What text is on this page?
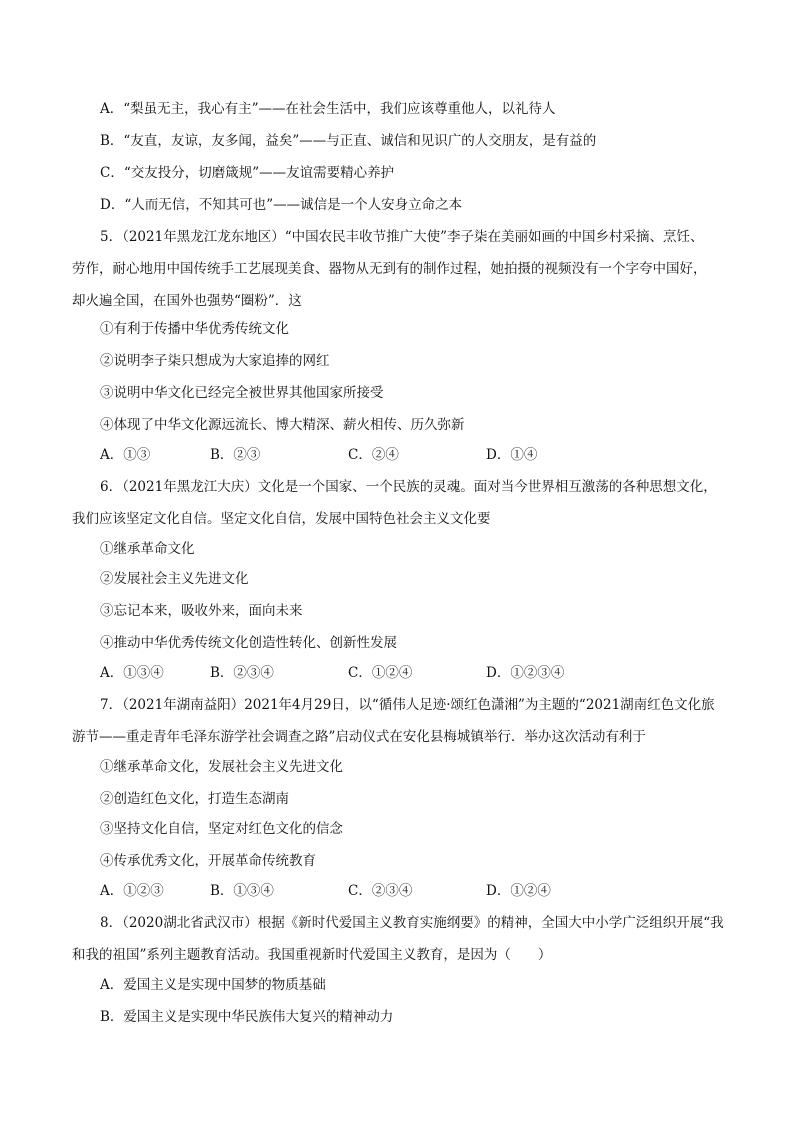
A．“梨虽无主，我心有主”——在社会生活中，我们应该尊重他人，以礼待人
B．“友直，友谅，友多闻，益矣”——与正直、诚信和见识广的人交朋友，是有益的
C．“交友投分，切磨箴规”——友谊需要精心养护
D．“人而无信，不知其可也”——诚信是一个人安身立命之本
5．（2021年黑龙江龙东地区）“中国农民丰收节推广大使”李子柒在美丽如画的中国乡村采摘、烹饪、
劳作，耐心地用中国传统手工艺展现美食、器物从无到有的制作过程，她拍摄的视频没有一个字夸中国好，
却火遍全国，在国外也强势“圈粉”．这
①有利于传播中华优秀传统文化
②说明李子柒只想成为大家追捧的网红
③说明中华文化已经完全被世界其他国家所接受
④体现了中华文化源远流长、博大精深、薪火相传、历久弥新
A．①③	B．②③	C．②④	D．①④
6．（2021年黑龙江大庆）文化是一个国家、一个民族的灵魂。面对当今世界相互激荡的各种思想文化，
我们应该坚定文化自信。坚定文化自信，发展中国特色社会主义文化要
①继承革命文化
②发展社会主义先进文化
③忘记本来，吸收外来，面向未来
④推动中华优秀传统文化创造性转化、创新性发展
A．①③④	B．②③④	C．①②④	D．①②③④
7．（2021年湖南益阳）2021年4月29日，以“循伟人足迹·颂红色潇湘”为主题的“2021湖南红色文化旅
游节——重走青年毛泽东游学社会调查之路”启动仪式在安化县梅城镇举行．举办这次活动有利于
①继承革命文化，发展社会主义先进文化
②创造红色文化，打造生态湖南
③坚持文化自信，坚定对红色文化的信念
④传承优秀文化，开展革命传统教育
A．①②③	B．①③④	C．②③④	D．①②④
8．（2020湖北省武汉市）根据《新时代爱国主义教育实施纲要》的精神，全国大中小学广泛组织开展“我
和我的祖国”系列主题教育活动。我国重视新时代爱国主义教育，是因为（　　）
A．爱国主义是实现中国梦的物质基础
B．爱国主义是实现中华民族伟大复兴的精神动力
